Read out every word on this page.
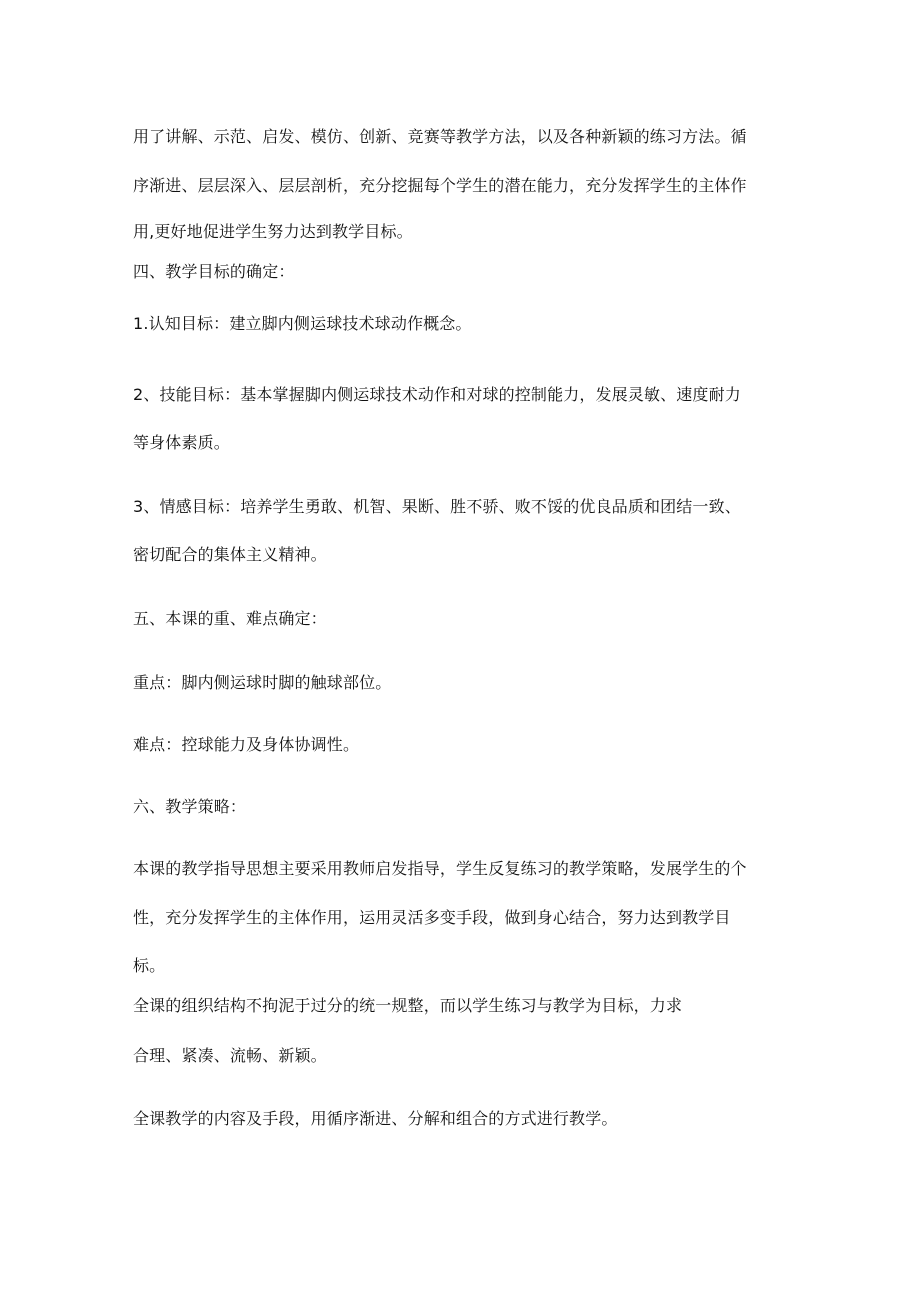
用了讲解、示范、启发、模仿、创新、竞赛等教学方法，以及各种新颖的练习方法。循
序渐进、层层深入、层层剖析，充分挖掘每个学生的潜在能力，充分发挥学生的主体作
用,更好地促进学生努力达到教学目标。
四、教学目标的确定：
1.认知目标：建立脚内侧运球技术球动作概念。
2、技能目标：基本掌握脚内侧运球技术动作和对球的控制能力，发展灵敏、速度耐力
等身体素质。
3、情感目标：培养学生勇敢、机智、果断、胜不骄、败不馁的优良品质和团结一致、
密切配合的集体主义精神。
五、本课的重、难点确定：
重点：脚内侧运球时脚的触球部位。
难点：控球能力及身体协调性。
六、教学策略：
本课的教学指导思想主要采用教师启发指导，学生反复练习的教学策略，发展学生的个
性，充分发挥学生的主体作用，运用灵活多变手段，做到身心结合，努力达到教学目
标。
全课的组织结构不拘泥于过分的统一规整，而以学生练习与教学为目标，力求
合理、紧凑、流畅、新颖。
全课教学的内容及手段，用循序渐进、分解和组合的方式进行教学。
